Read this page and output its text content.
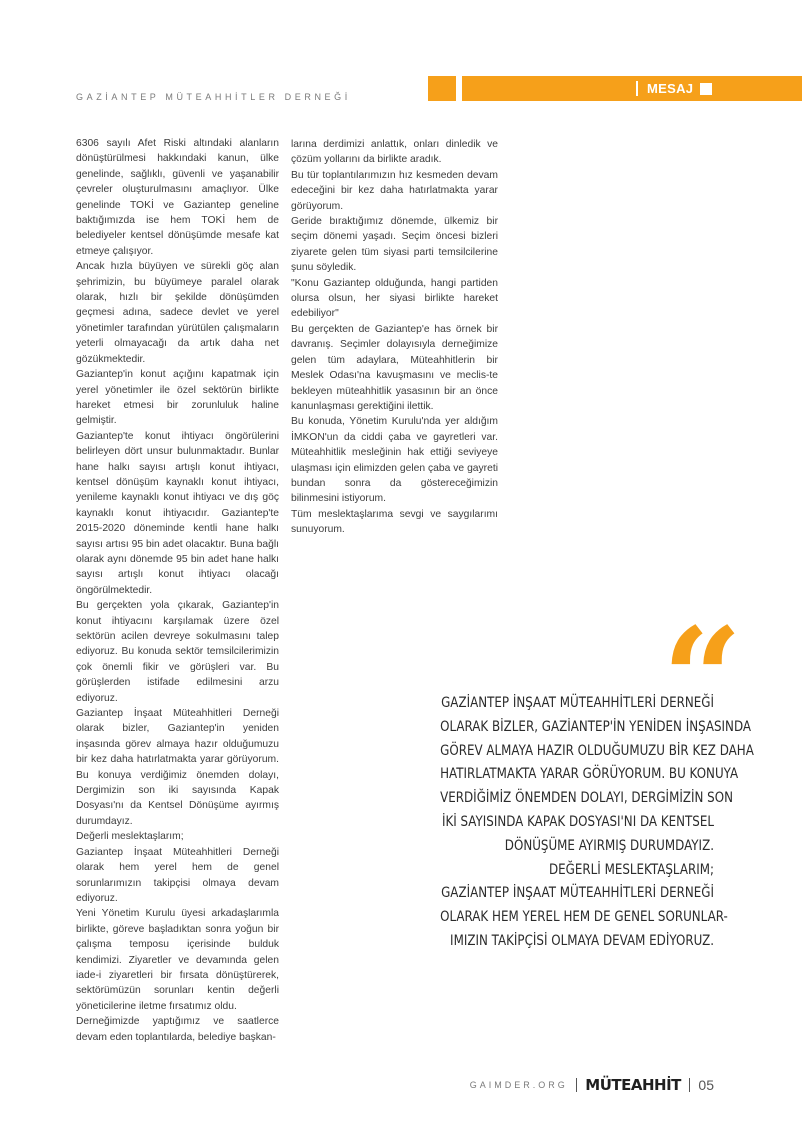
GAZİANTEP MÜTEAHHİTLER DERNEĞİ
MESAJ

6306 sayılı Afet Riski altındaki alanların dönüştürülmesi hakkındaki kanun, ülke genelinde, sağlıklı, güvenli ve yaşanabilir çevreler oluşturulmasını amaçlıyor. Ülke genelinde TOKİ ve Gaziantep geneline baktığımızda ise hem TOKİ hem de belediyeler kentsel dönüşümde mesafe kat etmeye çalışıyor.

Ancak hızla büyüyen ve sürekli göç alan şehrimizin, bu büyümeye paralel olarak olarak, hızlı bir şekilde dönüşümden geçmesi adına, sadece devlet ve yerel yönetimler tarafından yürütülen çalışmaların yeterli olmayacağı da artık daha net gözükmektedir.

Gaziantep'in konut açığını kapatmak için yerel yönetimler ile özel sektörün birlikte hareket etmesi bir zorunluluk haline gelmiştir.

Gaziantep'te konut ihtiyacı öngörülerini belirleyen dört unsur bulunmaktadır. Bunlar hane halkı sayısı artışlı konut ihtiyacı, kentsel dönüşüm kaynaklı konut ihtiyacı, yenileme kaynaklı konut ihtiyacı ve dış göç kaynaklı konut ihtiyacıdır. Gaziantep'te 2015-2020 döneminde kentli hane halkı sayısı artısı 95 bin adet olacaktır. Buna bağlı olarak aynı dönemde 95 bin adet hane halkı sayısı artışlı konut ihtiyacı olacağı öngörülmektedir.

Bu gerçekten yola çıkarak, Gaziantep'in konut ihtiyacını karşılamak üzere özel sektörün acilen devreye sokulmasını talep ediyoruz. Bu konuda sektör temsilcilerimizin çok önemli fikir ve görüşleri var. Bu görüşlerden istifade edilmesini arzu ediyoruz.

Gaziantep İnşaat Müteahhitleri Derneği olarak bizler, Gaziantep'in yeniden inşasında görev almaya hazır olduğumuzu bir kez daha hatırlatmakta yarar görüyorum. Bu konuya verdiğimiz önemden dolayı, Dergimizin son iki sayısında Kapak Dosyası'nı da Kentsel Dönüşüme ayırmış durumdayız.

Değerli meslektaşlarım;

Gaziantep İnşaat Müteahhitleri Derneği olarak hem yerel hem de genel sorunlarımızın takipçisi olmaya devam ediyoruz.

Yeni Yönetim Kurulu üyesi arkadaşlarımla birlikte, göreve başladıktan sonra yoğun bir çalışma temposu içerisinde bulduk kendimizi. Ziyaretler ve devamında gelen iade-i ziyaretleri bir fırsata dönüştürerek, sektörümüzün sorunları kentin değerli yöneticilerine iletme fırsatımız oldu.

Derneğimizde yaptığımız ve saatlerce devam eden toplantılarda, belediye başkan-

larına derdimizi anlattık, onları dinledik ve çözüm yollarını da birlikte aradık.

Bu tür toplantılarımızın hız kesmeden devam edeceğini bir kez daha hatırlatmakta yarar görüyorum.

Geride bıraktığımız dönemde, ülkemiz bir seçim dönemi yaşadı. Seçim öncesi bizleri ziyarete gelen tüm siyasi parti temsilcilerine şunu söyledik.

"Konu Gaziantep olduğunda, hangi partiden olursa olsun, her siyasi birlikte hareket edebiliyor"

Bu gerçekten de Gaziantep'e has örnek bir davranış. Seçimler dolayısıyla derneğimize gelen tüm adaylara, Müteahhitlerin bir Meslek Odası'na kavuşmasını ve meclis-te bekleyen müteahhitlik yasasının bir an önce kanunlaşması gerektiğini ilettik.

Bu konuda, Yönetim Kurulu'nda yer aldığım İMKON'un da ciddi çaba ve gayretleri var. Müteahhitlik mesleğinin hak ettiği seviyeye ulaşması için elimizden gelen çaba ve gayreti bundan sonra da göstereceğimizin bilinmesini istiyorum.

Tüm meslektaşlarıma sevgi ve saygılarımı sunuyorum.

“
GAZİANTEP İNŞAAT MÜTEAHHİTLERİ DERNEĞİ
OLARAK BİZLER, GAZİANTEP'İN YENİDEN İNŞASINDA
GÖREV ALMAYA HAZIR OLDUĞUMUZU BİR KEZ DAHA
HATIRLATMAKTA YARAR GÖRÜYORUM. BU KONUYA
VERDİĞİMİZ ÖNEMDEN DOLAYI, DERGİMİZİN SON
İKİ SAYISINDA KAPAK DOSYASI'NI DA KENTSEL
DÖNÜŞÜME AYIRMIŞ DURUMDAYIZ.
DEĞERLİ MESLEKTAŞLARIM;
GAZİANTEP İNŞAAT MÜTEAHHİTLERİ DERNEĞİ
OLARAK HEM YEREL HEM DE GENEL SORUNLAR-
IMIZIN TAKİPÇİSİ OLMAYA DEVAM EDİYORUZ.
GAIMDER.ORG MÜTEAHHİT 05
